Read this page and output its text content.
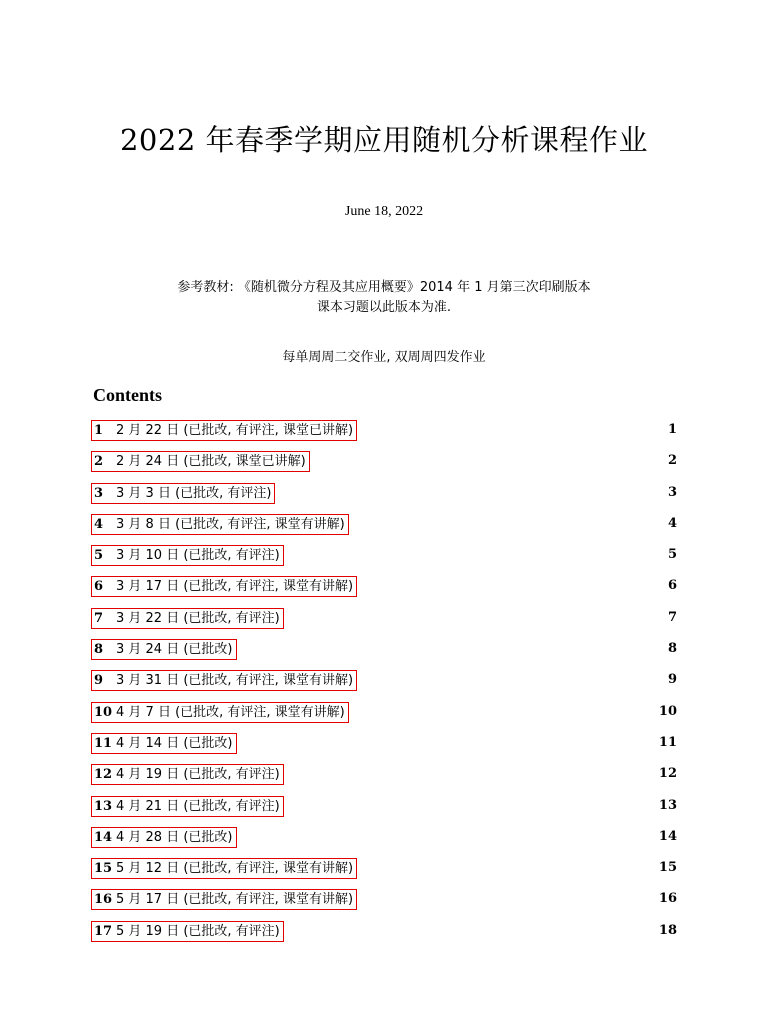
2022 年春季学期应用随机分析课程作业
June 18, 2022
参考教材: 《随机微分方程及其应用概要》2014 年 1 月第三次印刷版本
课本习题以此版本为准.
每单周周二交作业, 双周周四发作业
Contents
1 2 月 22 日 (已批改, 有评注, 课堂已讲解)	1
2 2 月 24 日 (已批改, 课堂已讲解)	2
3 3 月 3 日 (已批改, 有评注)	3
4 3 月 8 日 (已批改, 有评注, 课堂有讲解)	4
5 3 月 10 日 (已批改, 有评注)	5
6 3 月 17 日 (已批改, 有评注, 课堂有讲解)	6
7 3 月 22 日 (已批改, 有评注)	7
8 3 月 24 日 (已批改)	8
9 3 月 31 日 (已批改, 有评注, 课堂有讲解)	9
10 4 月 7 日 (已批改, 有评注, 课堂有讲解)	10
11 4 月 14 日 (已批改)	11
12 4 月 19 日 (已批改, 有评注)	12
13 4 月 21 日 (已批改, 有评注)	13
14 4 月 28 日 (已批改)	14
15 5 月 12 日 (已批改, 有评注, 课堂有讲解)	15
16 5 月 17 日 (已批改, 有评注, 课堂有讲解)	16
17 5 月 19 日 (已批改, 有评注)	18
